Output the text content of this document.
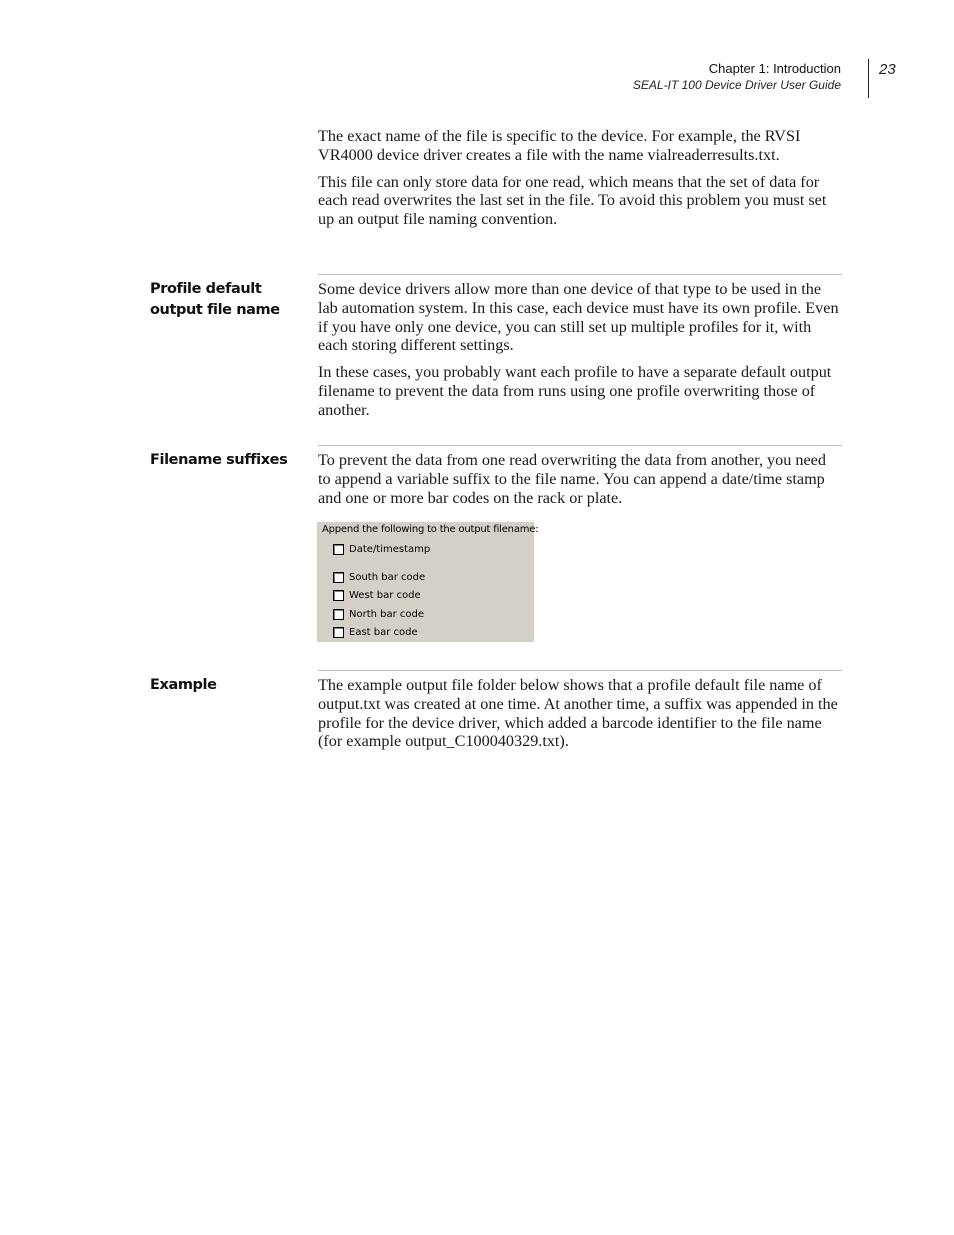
Chapter 1: Introduction
SEAL-IT 100 Device Driver User Guide
23

The exact name of the file is specific to the device. For example, the RVSI VR4000 device driver creates a file with the name vialreaderresults.txt.

This file can only store data for one read, which means that the set of data for each read overwrites the last set in the file. To avoid this problem you must set up an output file naming convention.

Profile default output file name

Some device drivers allow more than one device of that type to be used in the lab automation system. In this case, each device must have its own profile. Even if you have only one device, you can still set up multiple profiles for it, with each storing different settings.

In these cases, you probably want each profile to have a separate default output filename to prevent the data from runs using one profile overwriting those of another.

Filename suffixes	To prevent the data from one read overwriting the data from another, you need to append a variable suffix to the file name. You can append a date/time stamp and one or more bar codes on the rack or plate.

Append the following to the output filename:
Date/timestamp
South bar code
West bar code
North bar code
East bar code
Example	The example output file folder below shows that a profile default file name of output.txt was created at one time. At another time, a suffix was appended in the profile for the device driver, which added a barcode identifier to the file name (for example output_C100040329.txt).
